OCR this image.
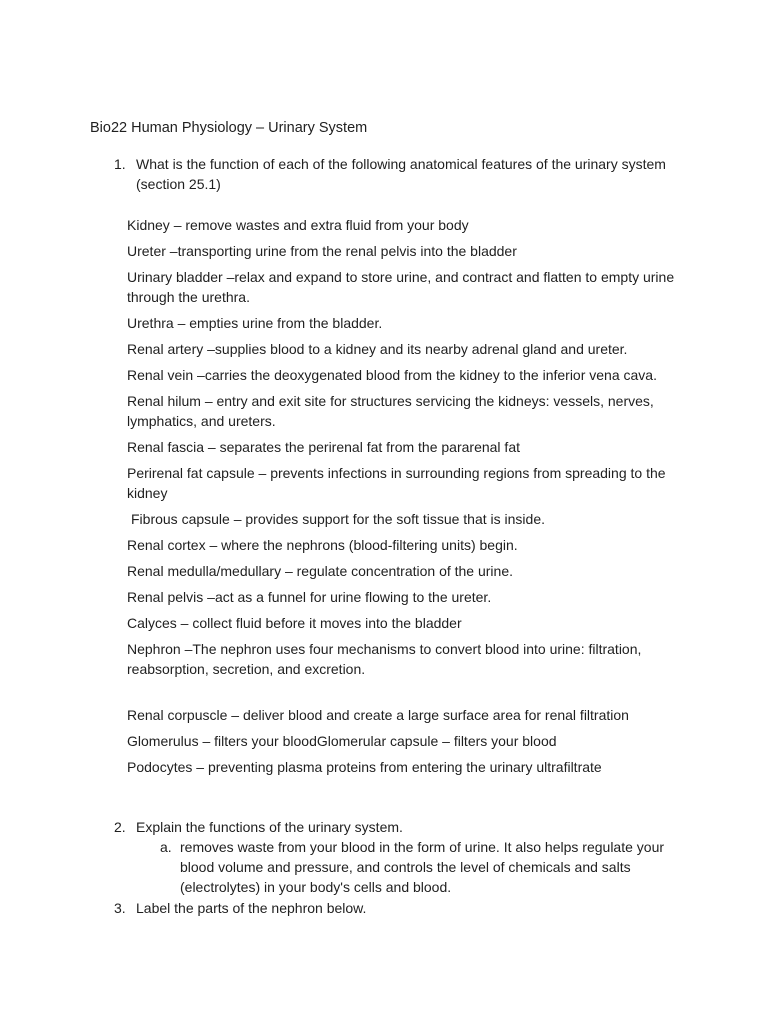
Bio22 Human Physiology – Urinary System
1. What is the function of each of the following anatomical features of the urinary system (section 25.1)

Kidney – remove wastes and extra fluid from your body

Ureter –transporting urine from the renal pelvis into the bladder

Urinary bladder –relax and expand to store urine, and contract and flatten to empty urine through the urethra.

Urethra – empties urine from the bladder.

Renal artery –supplies blood to a kidney and its nearby adrenal gland and ureter.

Renal vein –carries the deoxygenated blood from the kidney to the inferior vena cava.

Renal hilum – entry and exit site for structures servicing the kidneys: vessels, nerves, lymphatics, and ureters.

Renal fascia – separates the perirenal fat from the pararenal fat

Perirenal fat capsule – prevents infections in surrounding regions from spreading to the kidney

Fibrous capsule – provides support for the soft tissue that is inside.

Renal cortex – where the nephrons (blood-filtering units) begin.

Renal medulla/medullary – regulate concentration of the urine.

Renal pelvis –act as a funnel for urine flowing to the ureter.

Calyces – collect fluid before it moves into the bladder

Nephron –The nephron uses four mechanisms to convert blood into urine: filtration, reabsorption, secretion, and excretion.

Renal corpuscle – deliver blood and create a large surface area for renal filtration

Glomerulus – filters your bloodGlomerular capsule – filters your blood

Podocytes – preventing plasma proteins from entering the urinary ultrafiltrate

2. Explain the functions of the urinary system.
a. removes waste from your blood in the form of urine. It also helps regulate your blood volume and pressure, and controls the level of chemicals and salts (electrolytes) in your body's cells and blood.
3. Label the parts of the nephron below.
